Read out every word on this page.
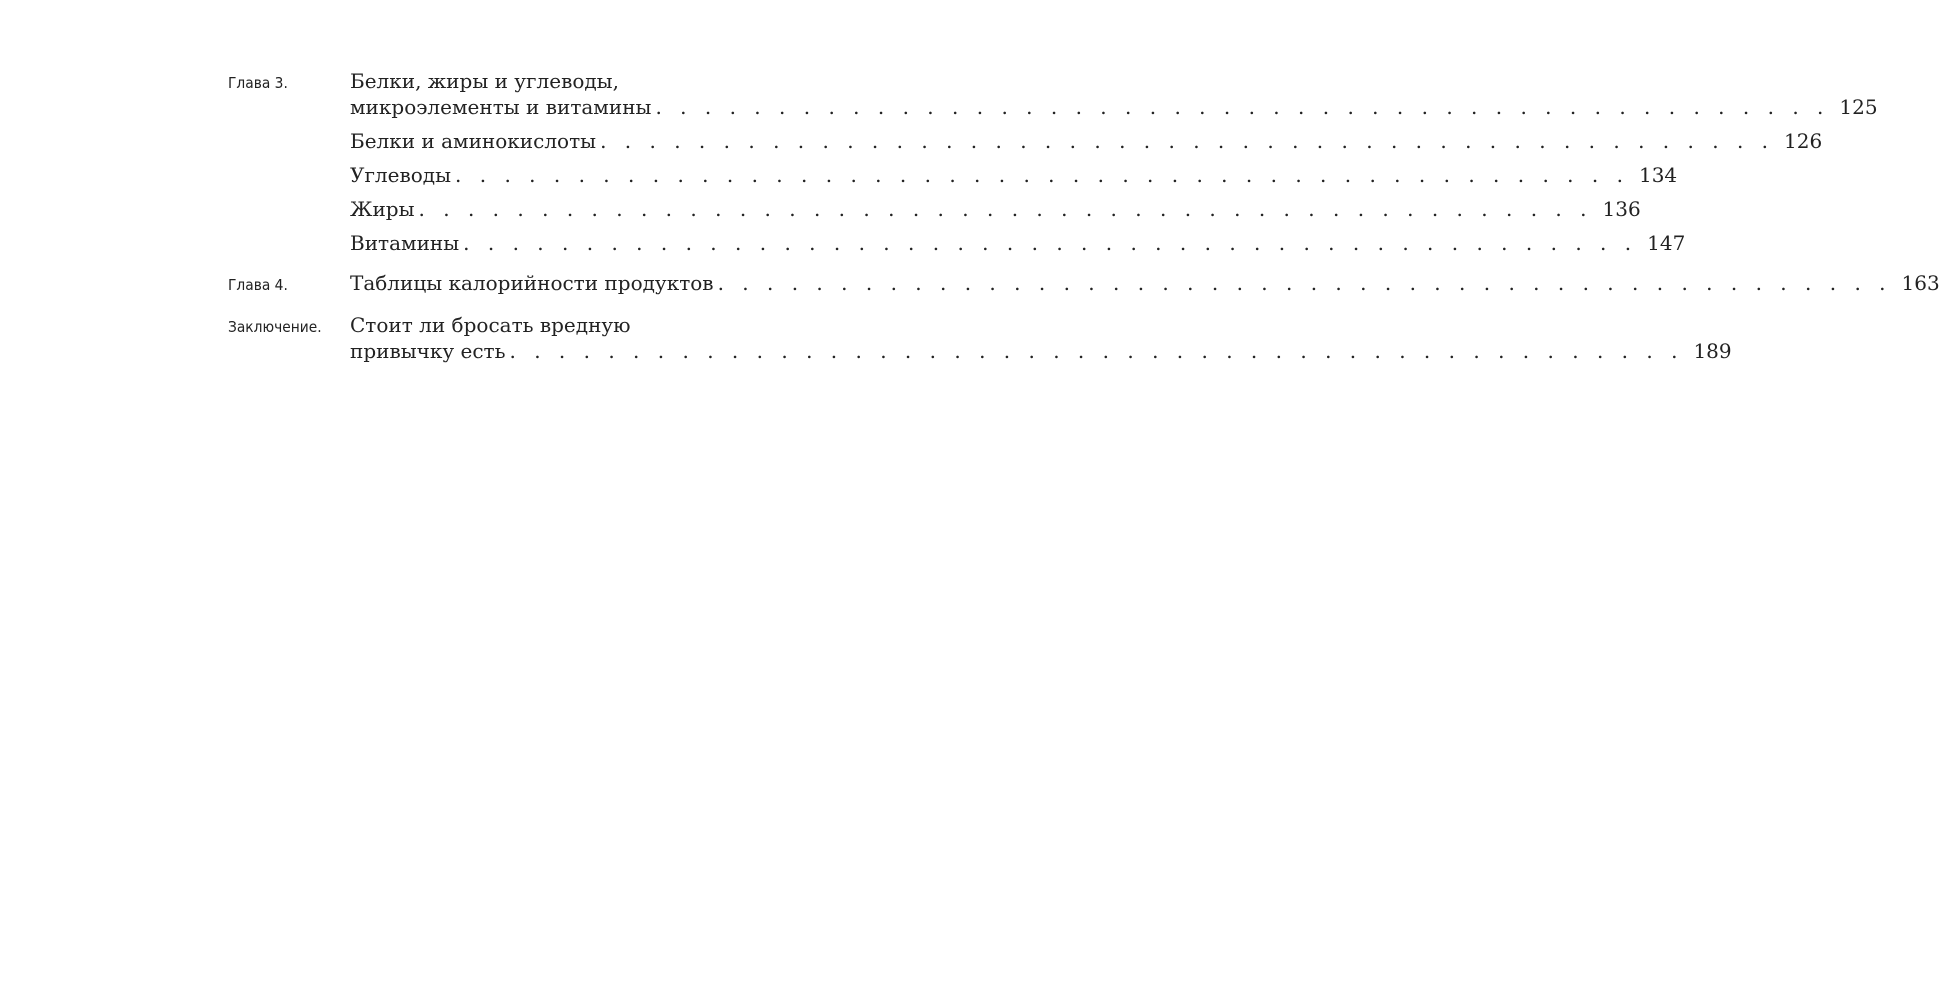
Глава 3.	Белки, жиры и углеводы,
микроэлементы и витамины . . . . . . . . . . . . . . . . . . . . . . . . . . . . . . . . . . . . . . . . . . . . . . . . 125
Белки и аминокислоты . . . . . . . . . . . . . . . . . . . . . . . . . . . . . . . . . . . . . . . . . . . . . . . . 126
Углеводы . . . . . . . . . . . . . . . . . . . . . . . . . . . . . . . . . . . . . . . . . . . . . . . . 134
Жиры . . . . . . . . . . . . . . . . . . . . . . . . . . . . . . . . . . . . . . . . . . . . . . . . 136
Витамины . . . . . . . . . . . . . . . . . . . . . . . . . . . . . . . . . . . . . . . . . . . . . . . . 147
Глава 4.	Таблицы калорийности продуктов . . . . . . . . . . . . . . . . . . . . . . . . . . . . . . . . . . . . . . . . . . . . . . . . 163
Заключение.	Стоит ли бросать вредную
привычку есть . . . . . . . . . . . . . . . . . . . . . . . . . . . . . . . . . . . . . . . . . . . . . . . . 189
